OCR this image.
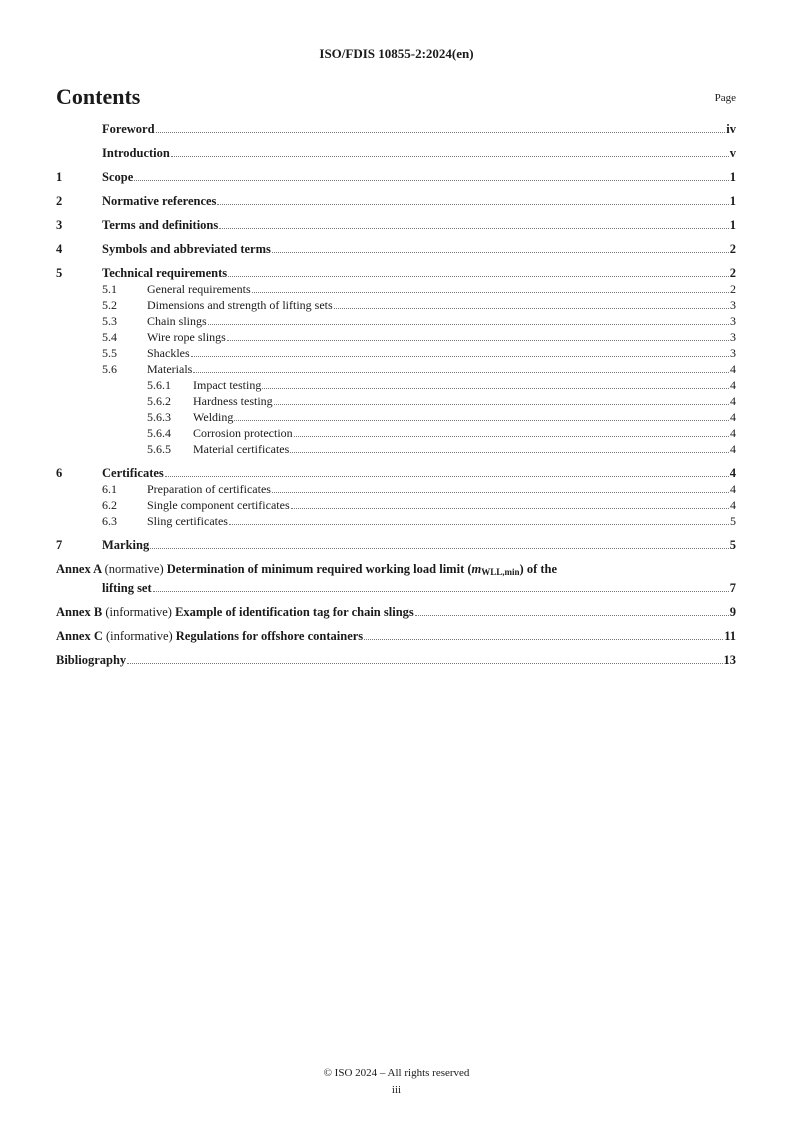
ISO/FDIS 10855-2:2024(en)
Contents	Page
Foreword	iv
Introduction	v
1	Scope	1
2	Normative references	1
3	Terms and definitions	1
4	Symbols and abbreviated terms	2
5	Technical requirements	2
5.1	General requirements	2
5.2	Dimensions and strength of lifting sets	3
5.3	Chain slings	3
5.4	Wire rope slings	3
5.5	Shackles	3
5.6	Materials	4
5.6.1	Impact testing	4
5.6.2	Hardness testing	4
5.6.3	Welding	4
5.6.4	Corrosion protection	4
5.6.5	Material certificates	4
6	Certificates	4
6.1	Preparation of certificates	4
6.2	Single component certificates	4
6.3	Sling certificates	5
7	Marking	5
Annex A (normative) Determination of minimum required working load limit $(m_{WLL,min})$ of the
lifting set	7
Annex B (informative) Example of identification tag for chain slings	9
Annex C (informative) Regulations for offshore containers	11
Bibliography	13
© ISO 2024 – All rights reserved
iii
